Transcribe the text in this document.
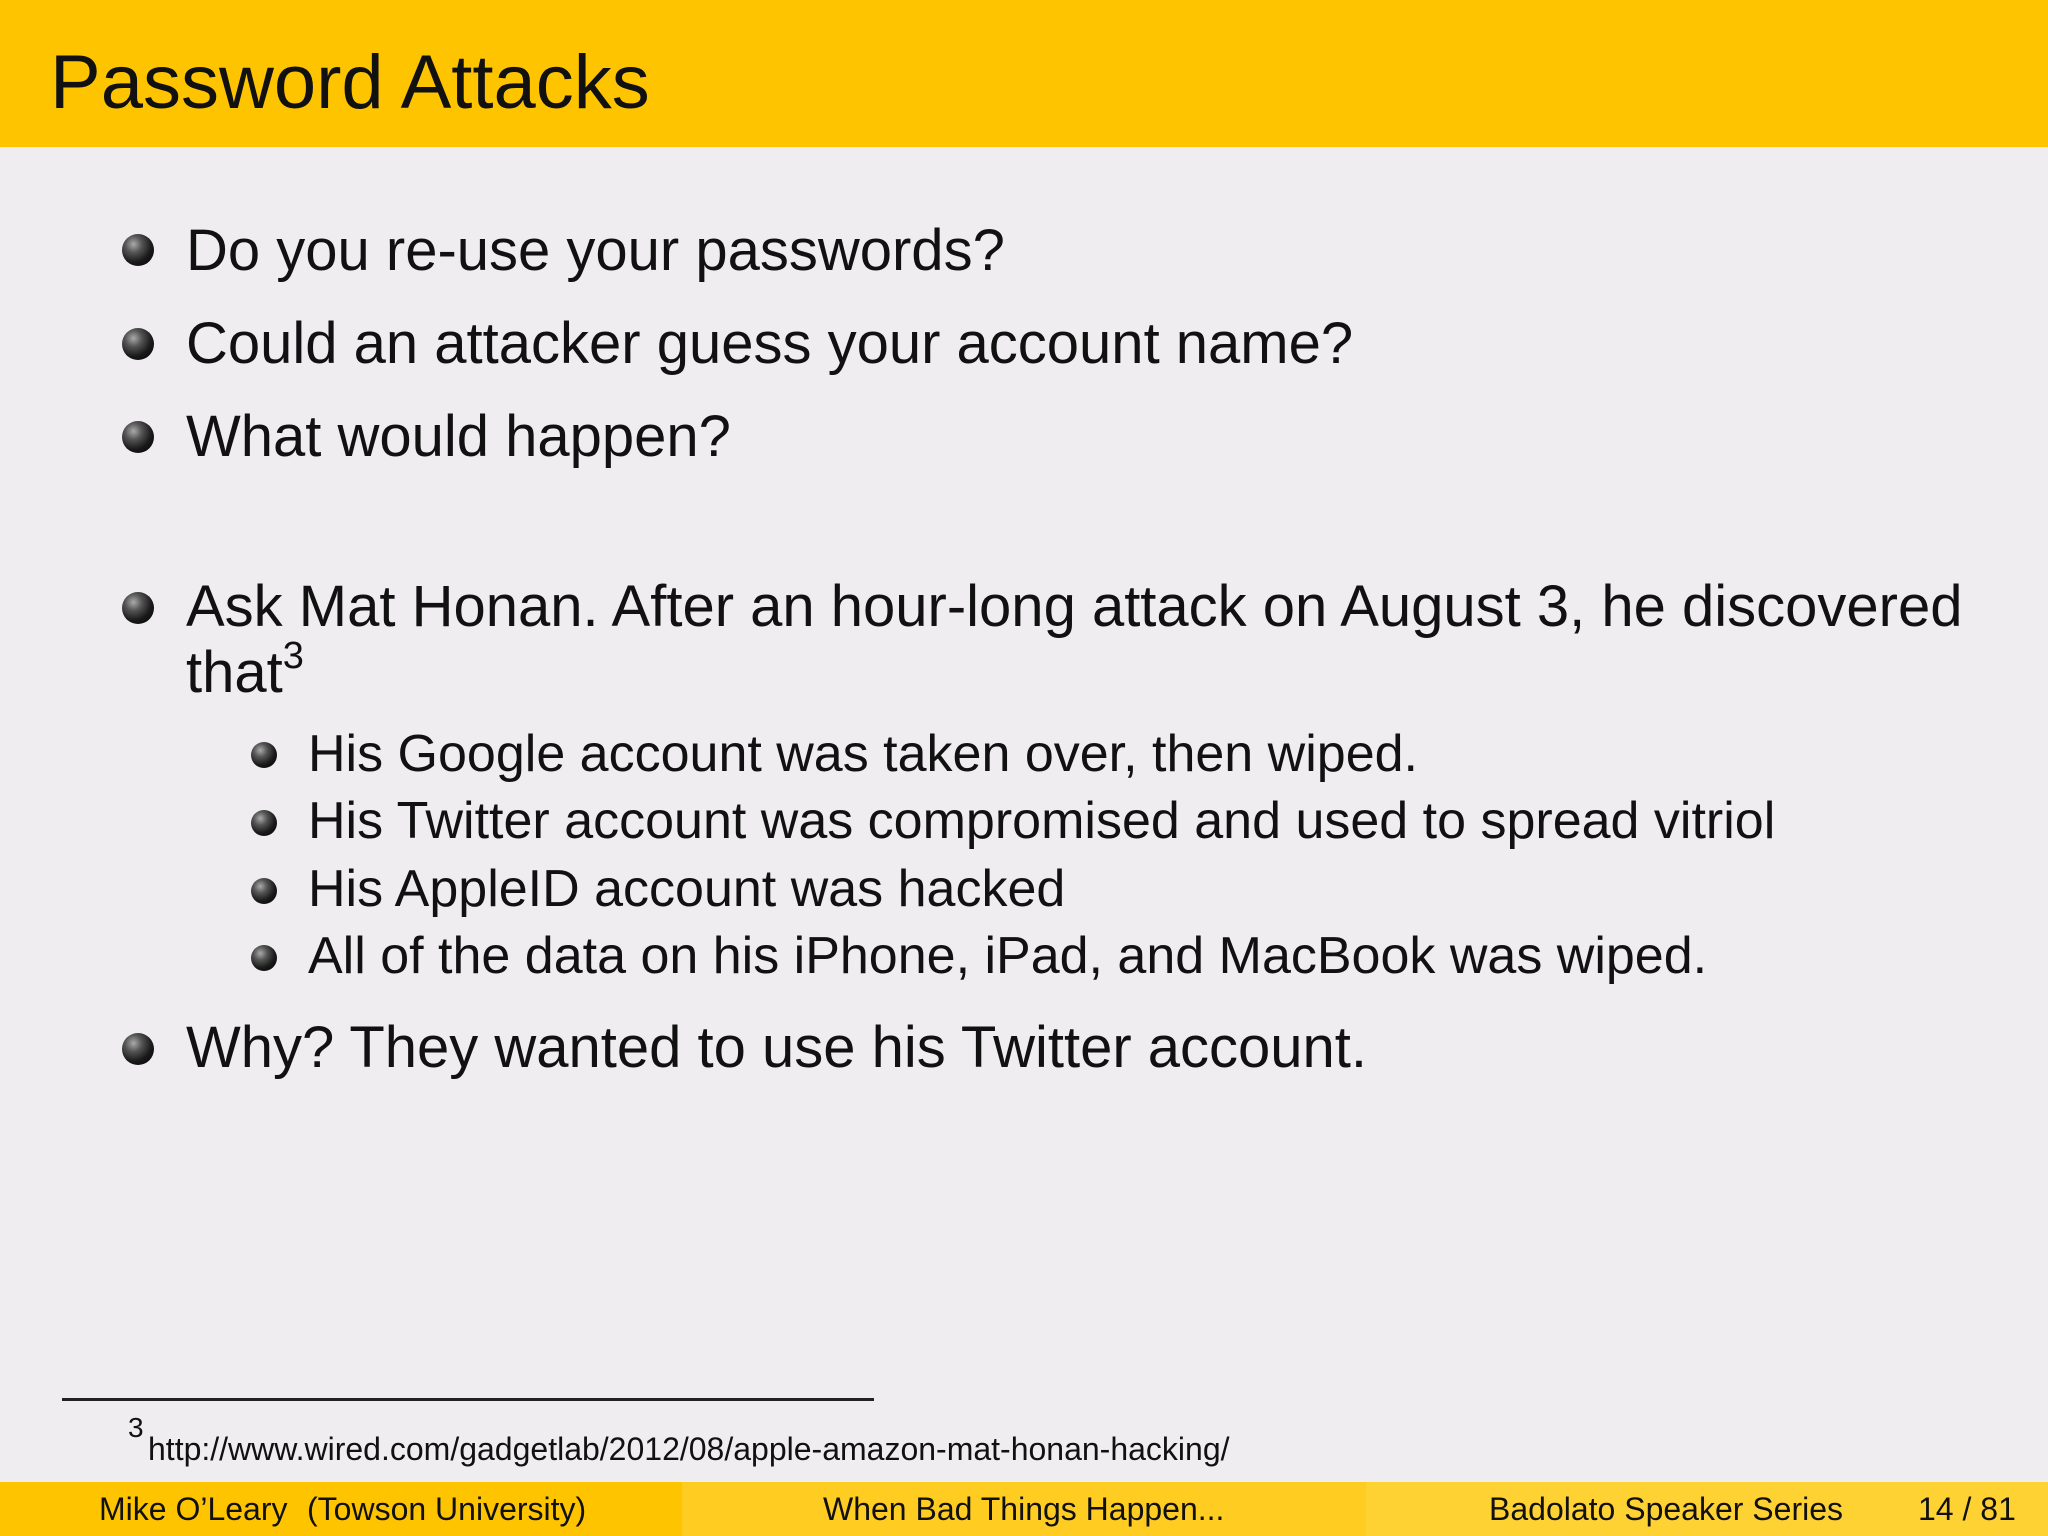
Password Attacks
Do you re-use your passwords?
Could an attacker guess your account name?
What would happen?
Ask Mat Honan. After an hour-long attack on August 3, he discovered
that$^3$
His Google account was taken over, then wiped.
His Twitter account was compromised and used to spread vitriol
His AppleID account was hacked
All of the data on his iPhone, iPad, and MacBook was wiped.
Why? They wanted to use his Twitter account.
3
http://www.wired.com/gadgetlab/2012/08/apple-amazon-mat-honan-hacking/
Mike O’Leary (Towson University)	When Bad Things Happen...	Badolato Speaker Series 14 / 81
